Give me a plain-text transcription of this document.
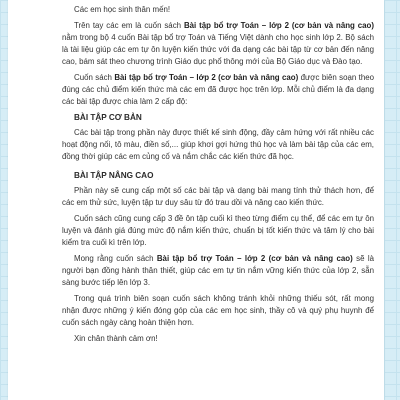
Các em học sinh thân mến!

Trên tay các em là cuốn sách Bài tập bổ trợ Toán – lớp 2 (cơ bản và nâng cao) nằm trong bộ 4 cuốn Bài tập bổ trợ Toán và Tiếng Việt dành cho học sinh lớp 2. Bộ sách là tài liệu giúp các em tự ôn luyện kiến thức với đa dạng các bài tập từ cơ bản đến nâng cao, bám sát theo chương trình Giáo dục phổ thông mới của Bộ Giáo dục và Đào tạo.

Cuốn sách Bài tập bổ trợ Toán – lớp 2 (cơ bản và nâng cao) được biên soạn theo đúng các chủ điểm kiến thức mà các em đã được học trên lớp. Mỗi chủ điểm là đa dạng các bài tập được chia làm 2 cấp độ:

BÀI TẬP CƠ BẢN

Các bài tập trong phần này được thiết kế sinh động, đầy cảm hứng với rất nhiều các hoạt động nối, tô màu, điền số,... giúp khơi gợi hứng thú học và làm bài tập của các em, đồng thời giúp các em củng cố và nắm chắc các kiến thức đã học.

BÀI TẬP NÂNG CAO

Phần này sẽ cung cấp một số các bài tập và dạng bài mang tính thử thách hơn, để các em thử sức, luyện tập tư duy sâu từ đó trau dồi và nâng cao kiến thức.

Cuốn sách cũng cung cấp 3 đề ôn tập cuối kì theo từng điểm cụ thể, để các em tự ôn luyện và đánh giá đúng mức độ nắm kiến thức, chuẩn bị tốt kiến thức và tâm lý cho bài kiểm tra cuối kì trên lớp.

Mong rằng cuốn sách Bài tập bổ trợ Toán – lớp 2 (cơ bản và nâng cao) sẽ là người bạn đồng hành thân thiết, giúp các em tự tin nắm vững kiến thức của lớp 2, sẵn sàng bước tiếp lên lớp 3.

Trong quá trình biên soạn cuốn sách không tránh khỏi những thiếu sót, rất mong nhận được những ý kiến đóng góp của các em học sinh, thầy cô và quý phụ huynh để cuốn sách ngày càng hoàn thiện hơn.

Xin chân thành cảm ơn!
